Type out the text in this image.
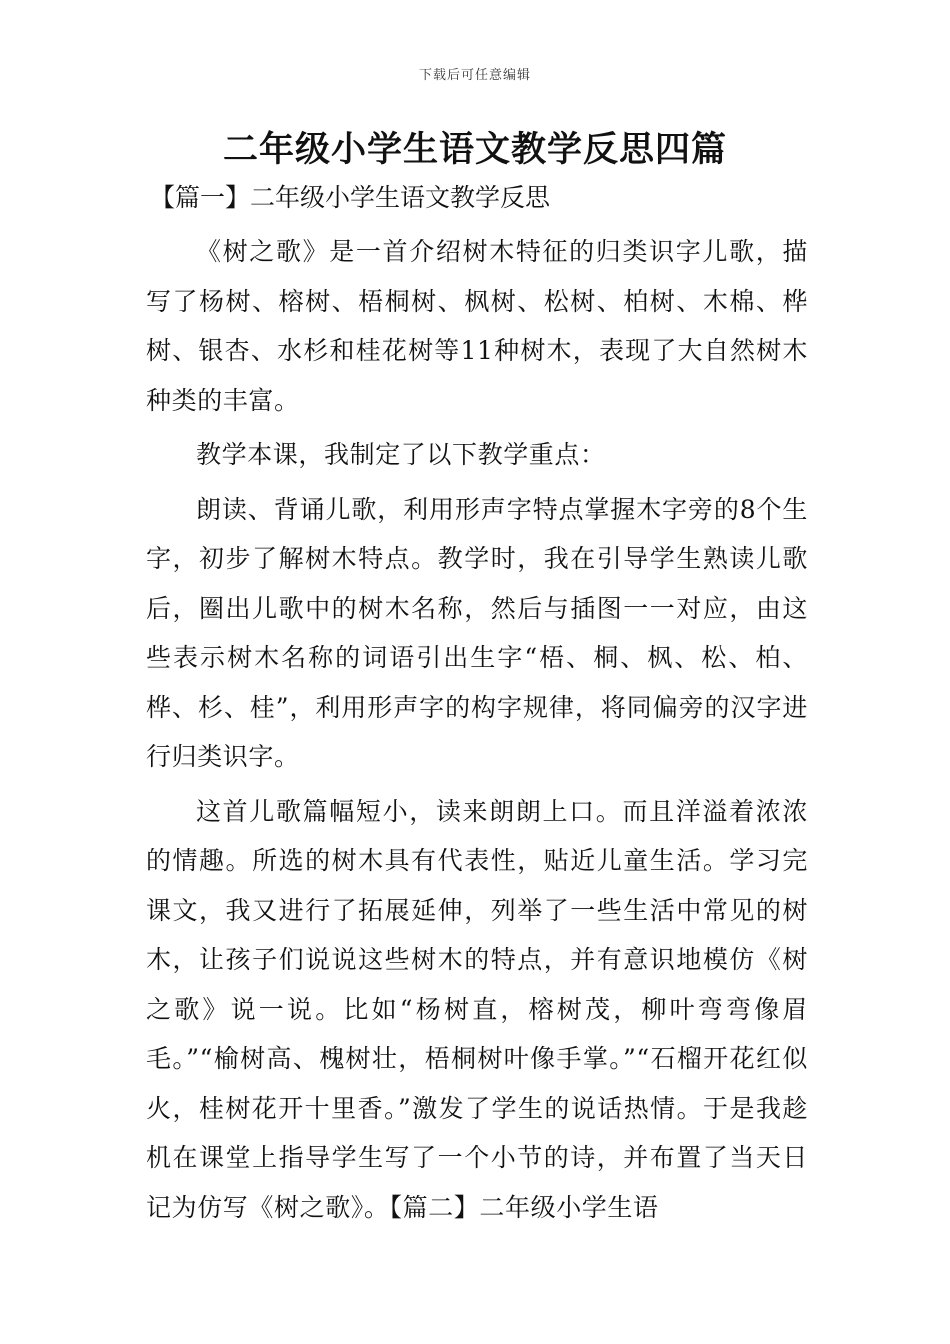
下载后可任意编辑
二年级小学生语文教学反思四篇
【篇一】二年级小学生语文教学反思

《树之歌》是一首介绍树木特征的归类识字儿歌，描写了杨树、榕树、梧桐树、枫树、松树、柏树、木棉、桦树、银杏、水杉和桂花树等11种树木，表现了大自然树木种类的丰富。

教学本课，我制定了以下教学重点：

朗读、背诵儿歌，利用形声字特点掌握木字旁的8个生字，初步了解树木特点。教学时，我在引导学生熟读儿歌后，圈出儿歌中的树木名称，然后与插图一一对应，由这些表示树木名称的词语引出生字“梧、桐、枫、松、柏、桦、杉、桂”，利用形声字的构字规律，将同偏旁的汉字进行归类识字。

这首儿歌篇幅短小，读来朗朗上口。而且洋溢着浓浓的情趣。所选的树木具有代表性，贴近儿童生活。学习完课文，我又进行了拓展延伸，列举了一些生活中常见的树木，让孩子们说说这些树木的特点，并有意识地模仿《树之歌》说一说。比如“杨树直，榕树茂，柳叶弯弯像眉毛。”“榆树高、槐树壮，梧桐树叶像手掌。”“石榴开花红似火，桂树花开十里香。”激发了学生的说话热情。于是我趁机在课堂上指导学生写了一个小节的诗，并布置了当天日记为仿写《树之歌》。【篇二】二年级小学生语
